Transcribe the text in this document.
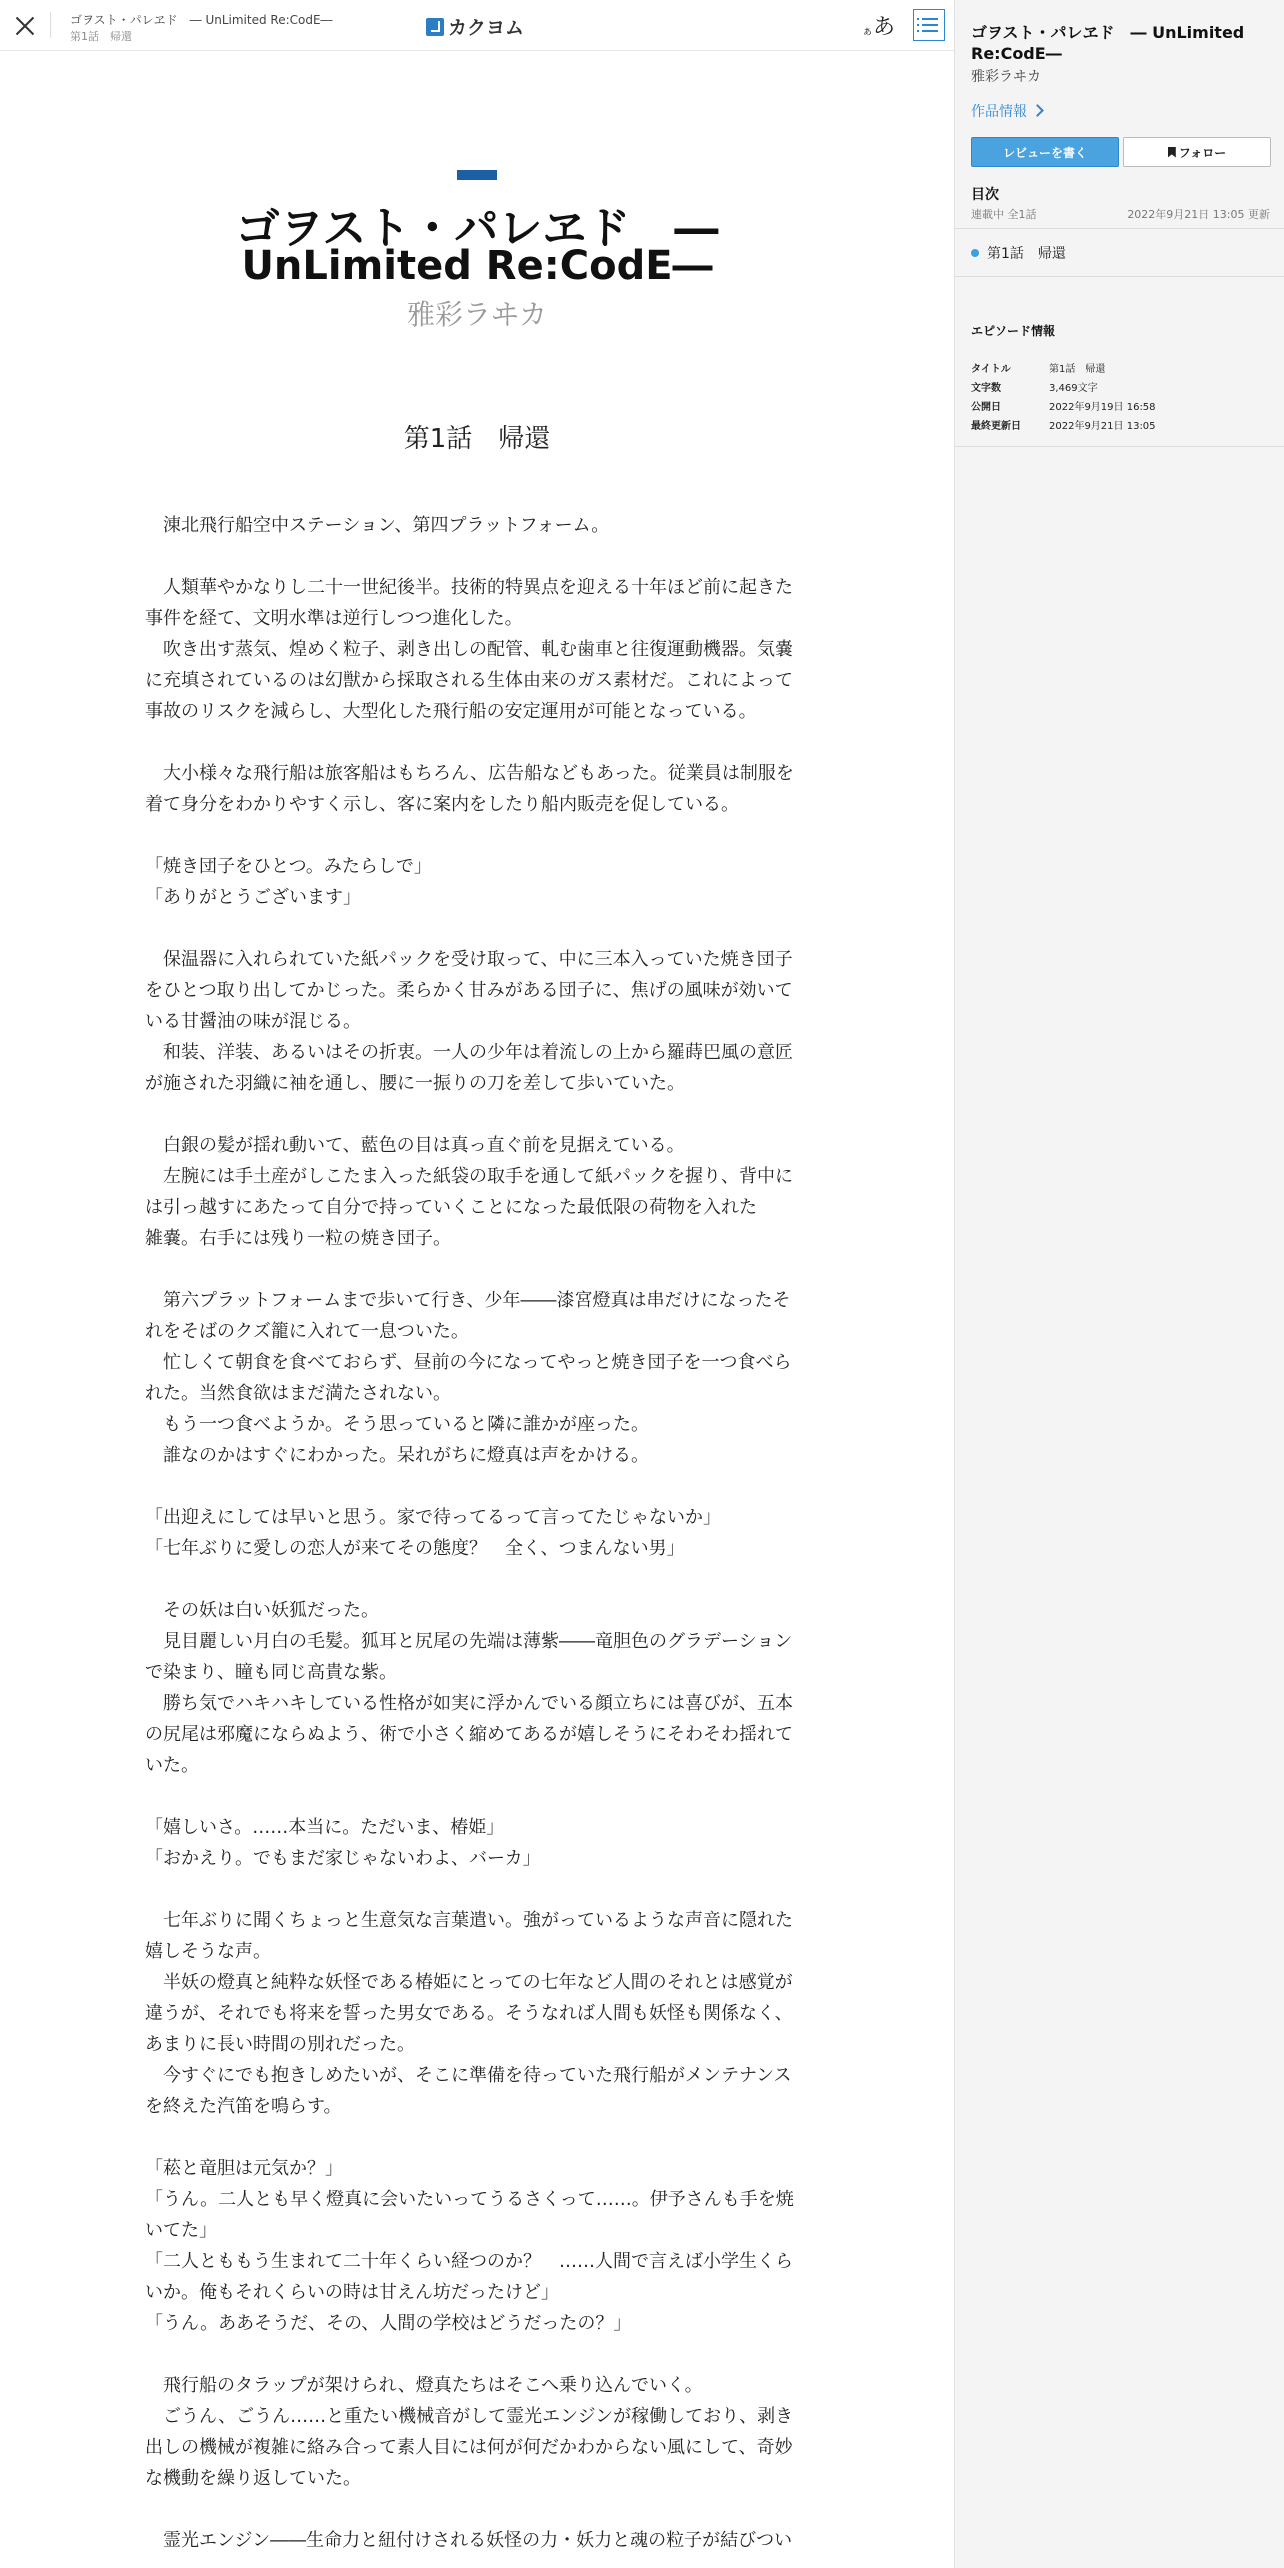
ゴヲスト・パレヱド　― UnLimited Re:CodE―
第1話　帰還	カクヨム	ぁあ
ゴヲスト・パレヱド　―
UnLimited Re:CodE―
雅彩ラヰカ
第1話　帰還

　涷北飛行船空中ステーション、第四プラットフォーム。

　人類華やかなりし二十一世紀後半。技術的特異点を迎える十年ほど前に起きた

事件を経て、文明水準は逆行しつつ進化した。

　吹き出す蒸気、煌めく粒子、剥き出しの配管、軋む歯車と往復運動機器。気嚢

に充填されているのは幻獣から採取される生体由来のガス素材だ。これによって

事故のリスクを減らし、大型化した飛行船の安定運用が可能となっている。

　大小様々な飛行船は旅客船はもちろん、広告船などもあった。従業員は制服を

着て身分をわかりやすく示し、客に案内をしたり船内販売を促している。

「焼き団子をひとつ。みたらしで」

「ありがとうございます」

　保温器に入れられていた紙パックを受け取って、中に三本入っていた焼き団子

をひとつ取り出してかじった。柔らかく甘みがある団子に、焦げの風味が効いて

いる甘醤油の味が混じる。

　和装、洋装、あるいはその折衷。一人の少年は着流しの上から羅蒔巴風の意匠

が施された羽織に袖を通し、腰に一振りの刀を差して歩いていた。

　白銀の髪が揺れ動いて、藍色の目は真っ直ぐ前を見据えている。

　左腕には手土産がしこたま入った紙袋の取手を通して紙パックを握り、背中に

は引っ越すにあたって自分で持っていくことになった最低限の荷物を入れた

雑嚢。右手には残り一粒の焼き団子。

　第六プラットフォームまで歩いて行き、少年――漆宮燈真は串だけになったそ

れをそばのクズ籠に入れて一息ついた。

　忙しくて朝食を食べておらず、昼前の今になってやっと焼き団子を一つ食べら

れた。当然食欲はまだ満たされない。

　もう一つ食べようか。そう思っていると隣に誰かが座った。

　誰なのかはすぐにわかった。呆れがちに燈真は声をかける。

「出迎えにしては早いと思う。家で待ってるって言ってたじゃないか」

「七年ぶりに愛しの恋人が来てその態度？　全く、つまんない男」

　その妖は白い妖狐だった。

　見目麗しい月白の毛髪。狐耳と尻尾の先端は薄紫――竜胆色のグラデーション

で染まり、瞳も同じ高貴な紫。

　勝ち気でハキハキしている性格が如実に浮かんでいる顔立ちには喜びが、五本

の尻尾は邪魔にならぬよう、術で小さく縮めてあるが嬉しそうにそわそわ揺れて

いた。

「嬉しいさ。……本当に。ただいま、椿姫」

「おかえり。でもまだ家じゃないわよ、バーカ」

　七年ぶりに聞くちょっと生意気な言葉遣い。強がっているような声音に隠れた

嬉しそうな声。

　半妖の燈真と純粋な妖怪である椿姫にとっての七年など人間のそれとは感覚が

違うが、それでも将来を誓った男女である。そうなれば人間も妖怪も関係なく、

あまりに長い時間の別れだった。

　今すぐにでも抱きしめたいが、そこに準備を待っていた飛行船がメンテナンス

を終えた汽笛を鳴らす。

「菘と竜胆は元気か？」

「うん。二人とも早く燈真に会いたいってうるさくって……。伊予さんも手を焼

いてた」

「二人とももう生まれて二十年くらい経つのか？　……人間で言えば小学生くら

いか。俺もそれくらいの時は甘えん坊だったけど」

「うん。ああそうだ、その、人間の学校はどうだったの？」

　飛行船のタラップが架けられ、燈真たちはそこへ乗り込んでいく。

　ごうん、ごうん……と重たい機械音がして霊光エンジンが稼働しており、剥き

出しの機械が複雑に絡み合って素人目には何が何だかわからない風にして、奇妙

な機動を繰り返していた。

　霊光エンジン――生命力と紐付けされる妖怪の力・妖力と魂の粒子が結びつい

ゴヲスト・パレヱド　― UnLimited Re:CodE―
雅彩ラヰカ
作品情報
レビューを書く	フォロー
目次
連載中 全1話	2022年9月21日 13:05 更新
第1話　帰還
エピソード情報
タイトル	第1話　帰還
文字数	3,469文字
公開日	2022年9月19日 16:58
最終更新日	2022年9月21日 13:05
